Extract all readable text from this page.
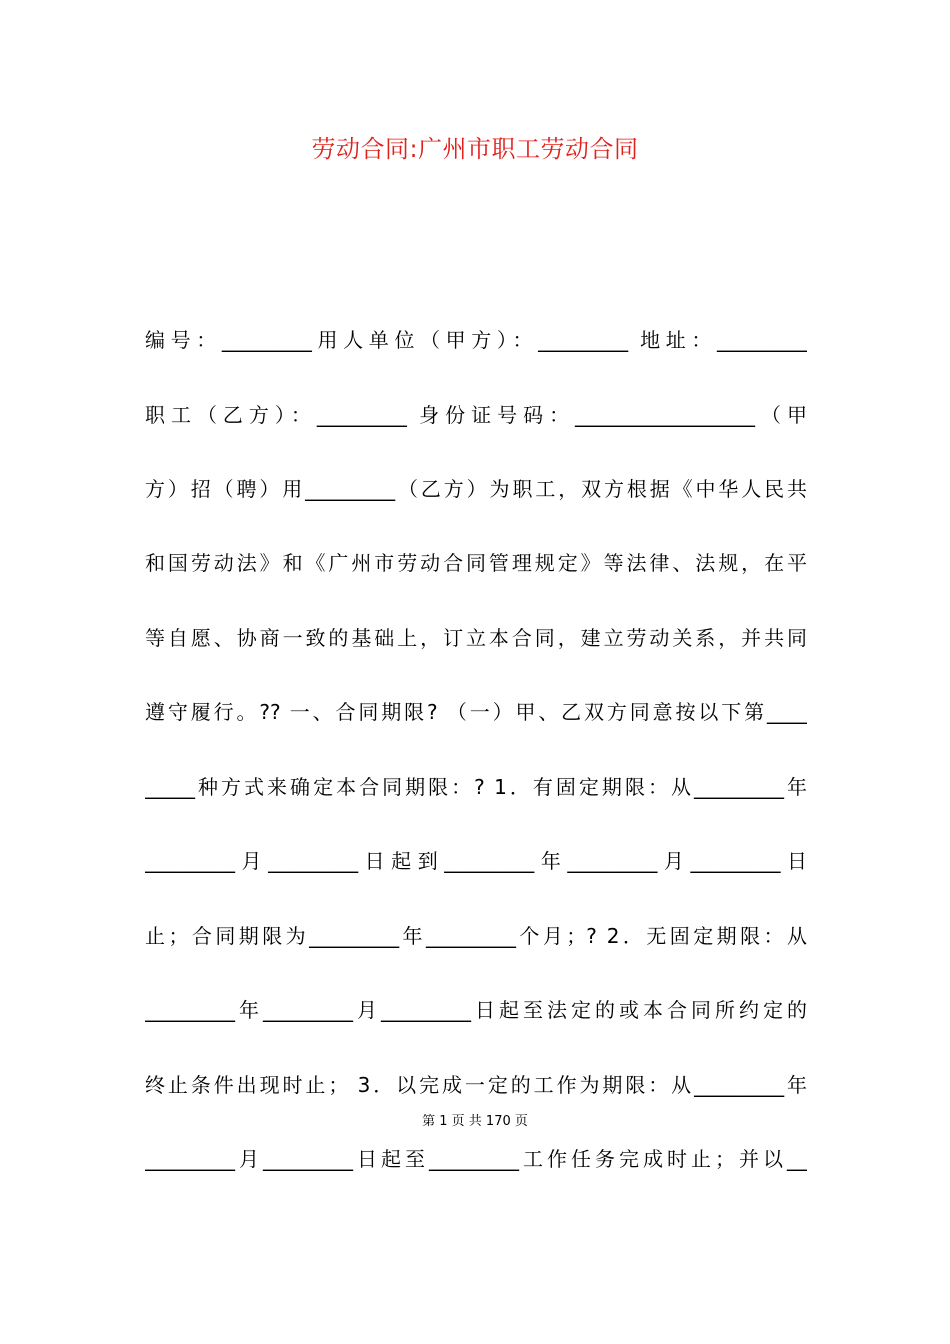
劳动合同:广州市职工劳动合同
编号：_________用人单位（甲方）：_________ 地址：_________
职工（乙方）：_________ 身份证号码：__________________（甲
方）招（聘）用_________（乙方）为职工，双方根据《中华人民共
和国劳动法》和《广州市劳动合同管理规定》等法律、法规，在平
等自愿、协商一致的基础上，订立本合同，建立劳动关系，并共同
遵守履行。?? 一、合同期限? （一）甲、乙双方同意按以下第____
_____种方式来确定本合同期限：? 1．有固定期限：从_________年
_________月_________日起到_________年_________月_________日
止；合同期限为_________年_________个月；? 2．无固定期限：从
_________年_________月_________日起至法定的或本合同所约定的
终止条件出现时止； 3．以完成一定的工作为期限：从_________年
_________月_________日起至_________工作任务完成时止；并以__
第 1 页 共 170 页
